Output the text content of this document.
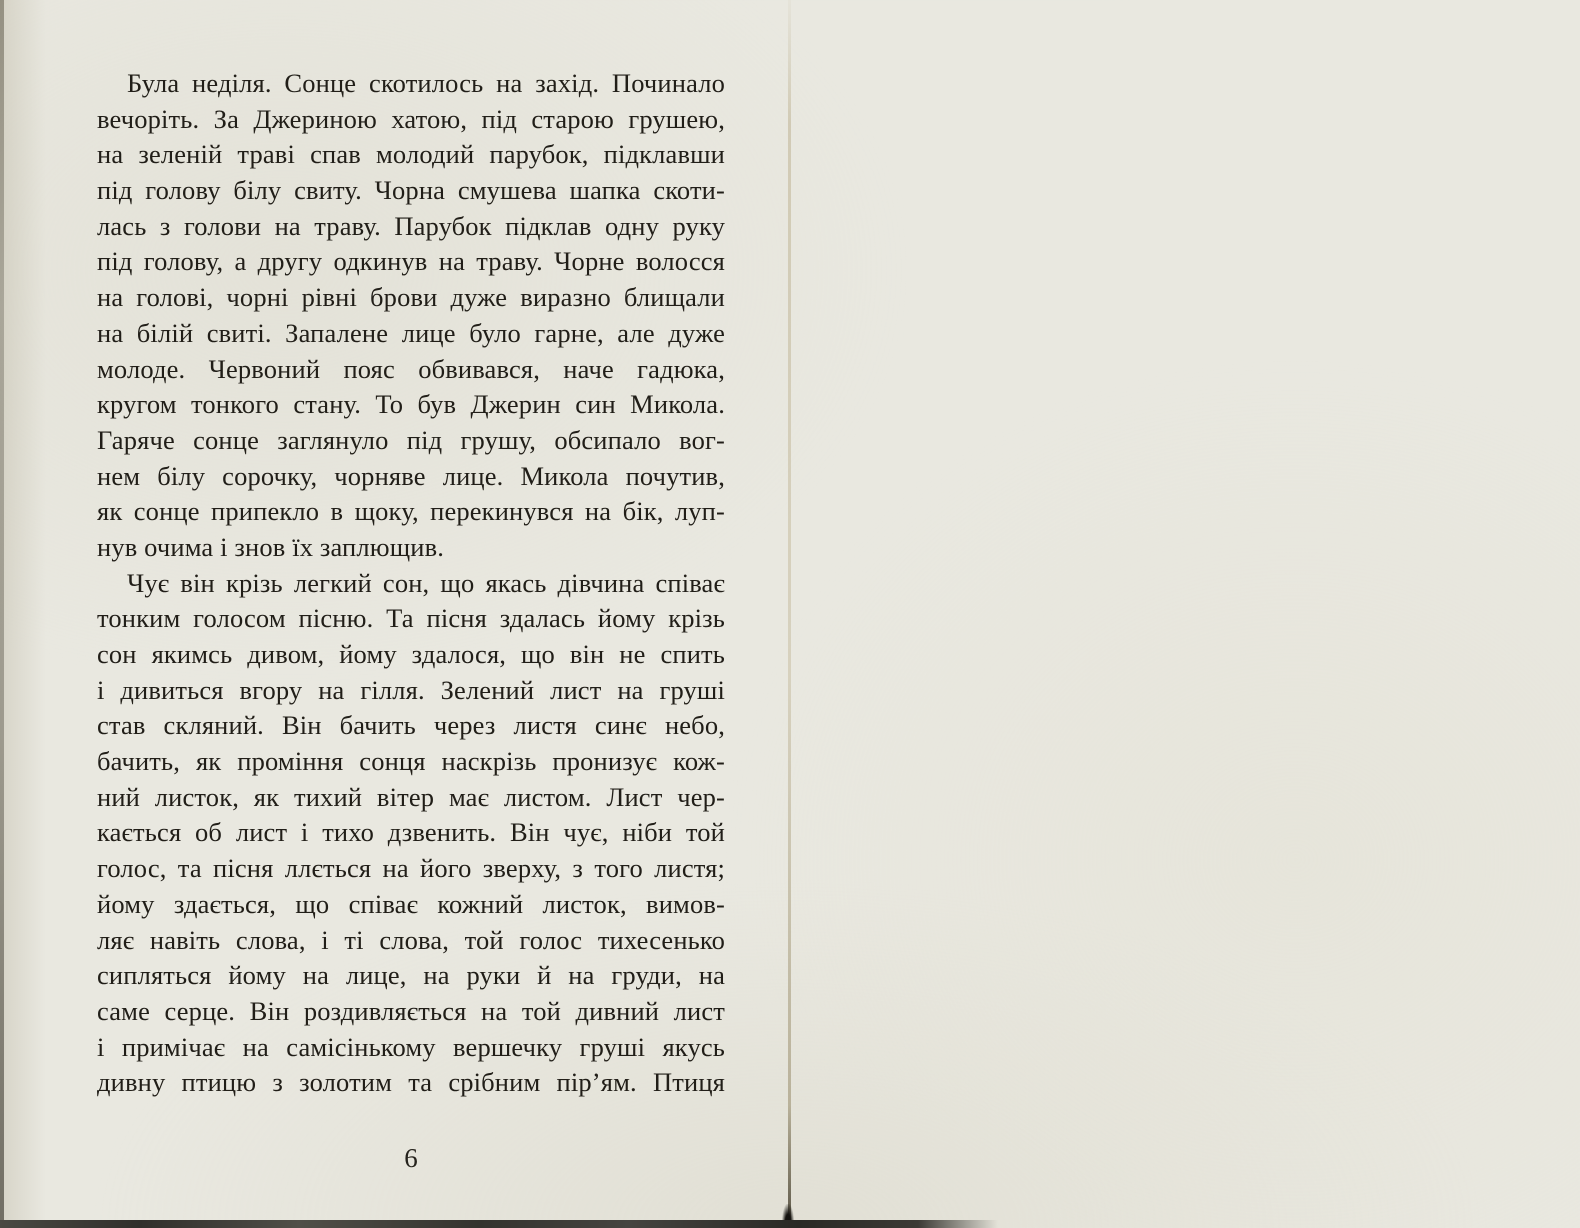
Була неділя. Сонце скотилось на захід. Починало
вечоріть. За Джериною хатою, під старою грушею,
на зеленій траві спав молодий парубок, підклавши
під голову білу свиту. Чорна смушева шапка скоти-
лась з голови на траву. Парубок підклав одну руку
під голову, а другу одкинув на траву. Чорне волосся
на голові, чорні рівні брови дуже виразно блищали
на білій свиті. Запалене лице було гарне, але дуже
молоде. Червоний пояс обвивався, наче гадюка,
кругом тонкого стану. То був Джерин син Микола.
Гаряче сонце заглянуло під грушу, обсипало вог-
нем білу сорочку, чорняве лице. Микола почутив,
як сонце припекло в щоку, перекинувся на бік, луп-
нув очима і знов їх заплющив.
Чує він крізь легкий сон, що якась дівчина співає
тонким голосом пісню. Та пісня здалась йому крізь
сон якимсь дивом, йому здалося, що він не спить
і дивиться вгору на гілля. Зелений лист на груші
став скляний. Він бачить через листя синє небо,
бачить, як проміння сонця наскрізь пронизує кож-
ний листок, як тихий вітер має листом. Лист чер-
кається об лист і тихо дзвенить. Він чує, ніби той
голос, та пісня ллється на його зверху, з того листя;
йому здається, що співає кожний листок, вимов-
ляє навіть слова, і ті слова, той голос тихесенько
сипляться йому на лице, на руки й на груди, на
саме серце. Він роздивляється на той дивний лист
і примічає на самісінькому вершечку груші якусь
дивну птицю з золотим та срібним пір’ям. Птиця
6
